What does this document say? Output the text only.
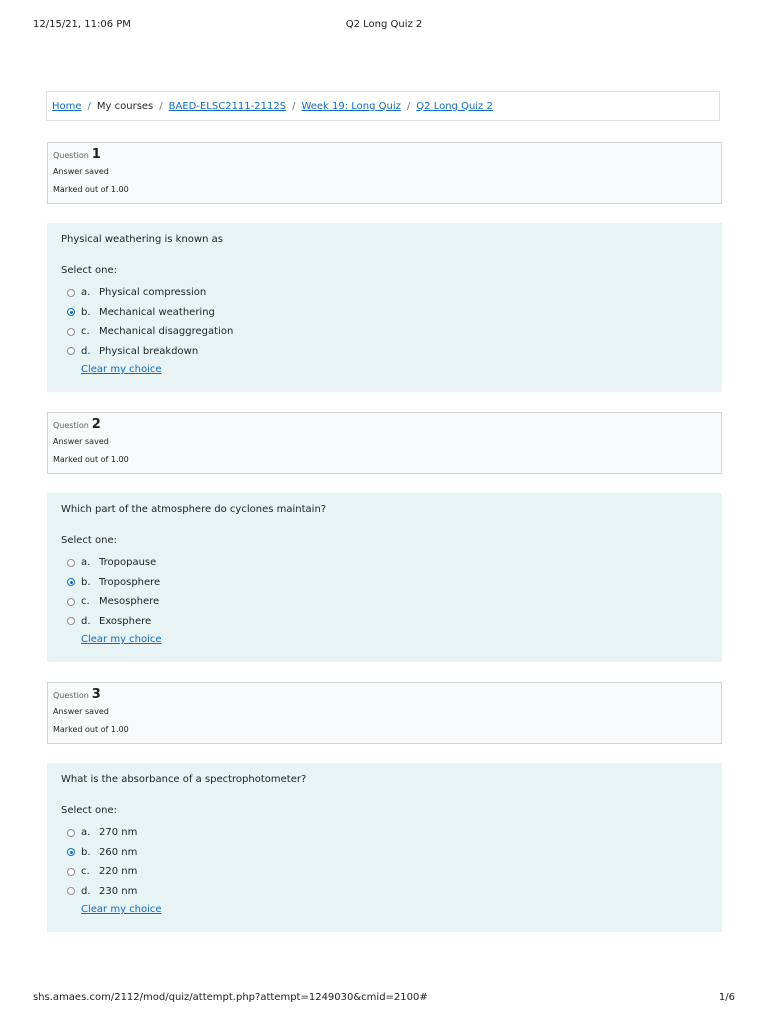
12/15/21, 11:06 PM	Q2 Long Quiz 2
Home / My courses / BAED-ELSC2111-2112S / Week 19: Long Quiz / Q2 Long Quiz 2
Question 1
Answer saved
Marked out of 1.00
Physical weathering is known as
Select one:
a. Physical compression
b. Mechanical weathering
c. Mechanical disaggregation
d. Physical breakdown
Clear my choice
Question 2
Answer saved
Marked out of 1.00
Which part of the atmosphere do cyclones maintain?
Select one:
a. Tropopause
b. Troposphere
c. Mesosphere
d. Exosphere
Clear my choice
Question 3
Answer saved
Marked out of 1.00
What is the absorbance of a spectrophotometer?
Select one:
a. 270 nm
b. 260 nm
c. 220 nm
d. 230 nm
Clear my choice
shs.amaes.com/2112/mod/quiz/attempt.php?attempt=1249030&cmid=2100#	1/6
